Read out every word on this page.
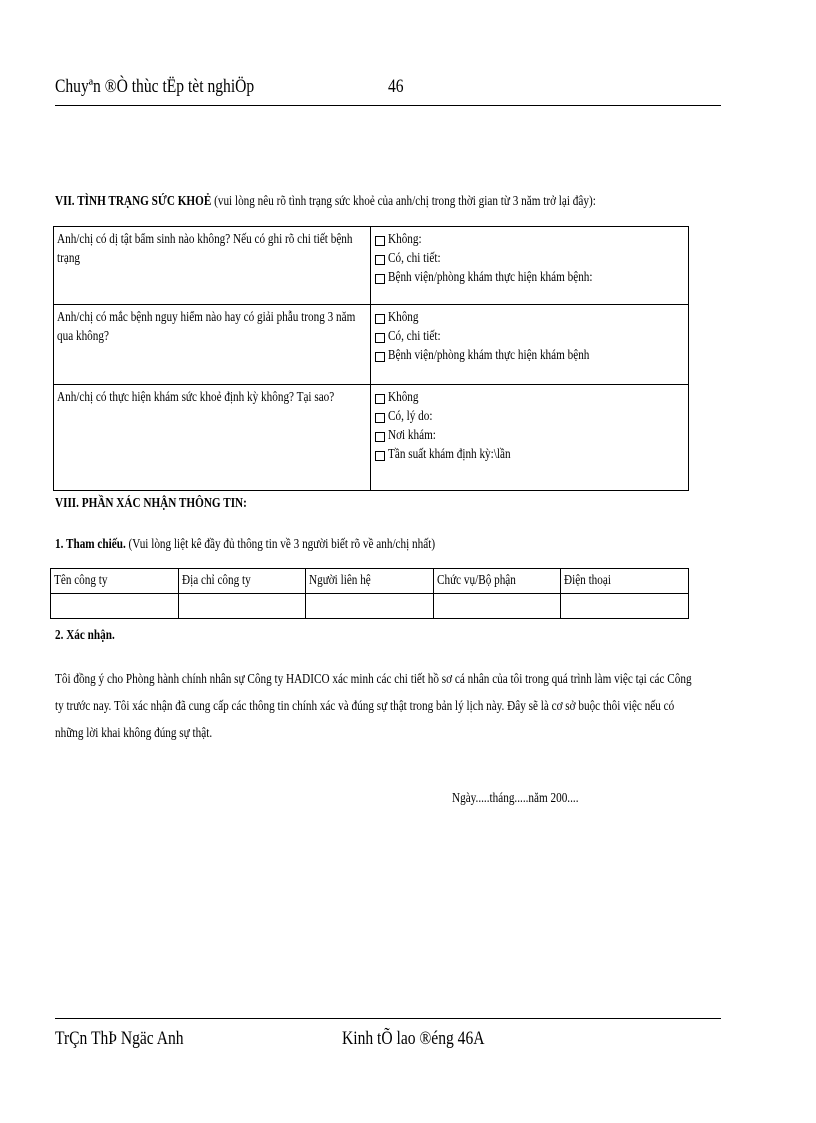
Chuyªn ®Ò thùc tËp tèt nghiÖp	46
VII. TÌNH TRẠNG SỨC KHOẺ (vui lòng nêu rõ tình trạng sức khoẻ của anh/chị trong thời gian từ 3 năm trở lại đây):
Anh/chị có dị tật bẩm sinh nào không? Nếu có ghi rõ chi tiết bệnh trạng	Không:
Có, chi tiết:
Bệnh viện/phòng khám thực hiện khám bệnh:

Anh/chị có mắc bệnh nguy hiểm nào hay có giải phẫu trong 3 năm qua không?	Không
Có, chi tiết:
Bệnh viện/phòng khám thực hiện khám bệnh

Anh/chị có thực hiện khám sức khoẻ định kỳ không? Tại sao?	Không
Có, lý do:
Nơi khám:
Tần suất khám định kỳ:\lần
VIII. PHẦN XÁC NHẬN THÔNG TIN:
1. Tham chiếu. (Vui lòng liệt kê đầy đủ thông tin về 3 người biết rõ về anh/chị nhất)
Tên công ty	Địa chỉ công ty	Người liên hệ	Chức vụ/Bộ phận	Điện thoại

2. Xác nhận.
Tôi đồng ý cho Phòng hành chính nhân sự Công ty HADICO xác minh các chi tiết hồ sơ cá nhân của tôi trong quá trình làm việc tại các Công
ty trước nay. Tôi xác nhận đã cung cấp các thông tin chính xác và đúng sự thật trong bản lý lịch này. Đây sẽ là cơ sở buộc thôi việc nếu có
những lời khai không đúng sự thật.
Ngày.....tháng.....năm 200....
TrÇn ThÞ Ngäc Anh	Kinh tÕ lao ®éng 46A
